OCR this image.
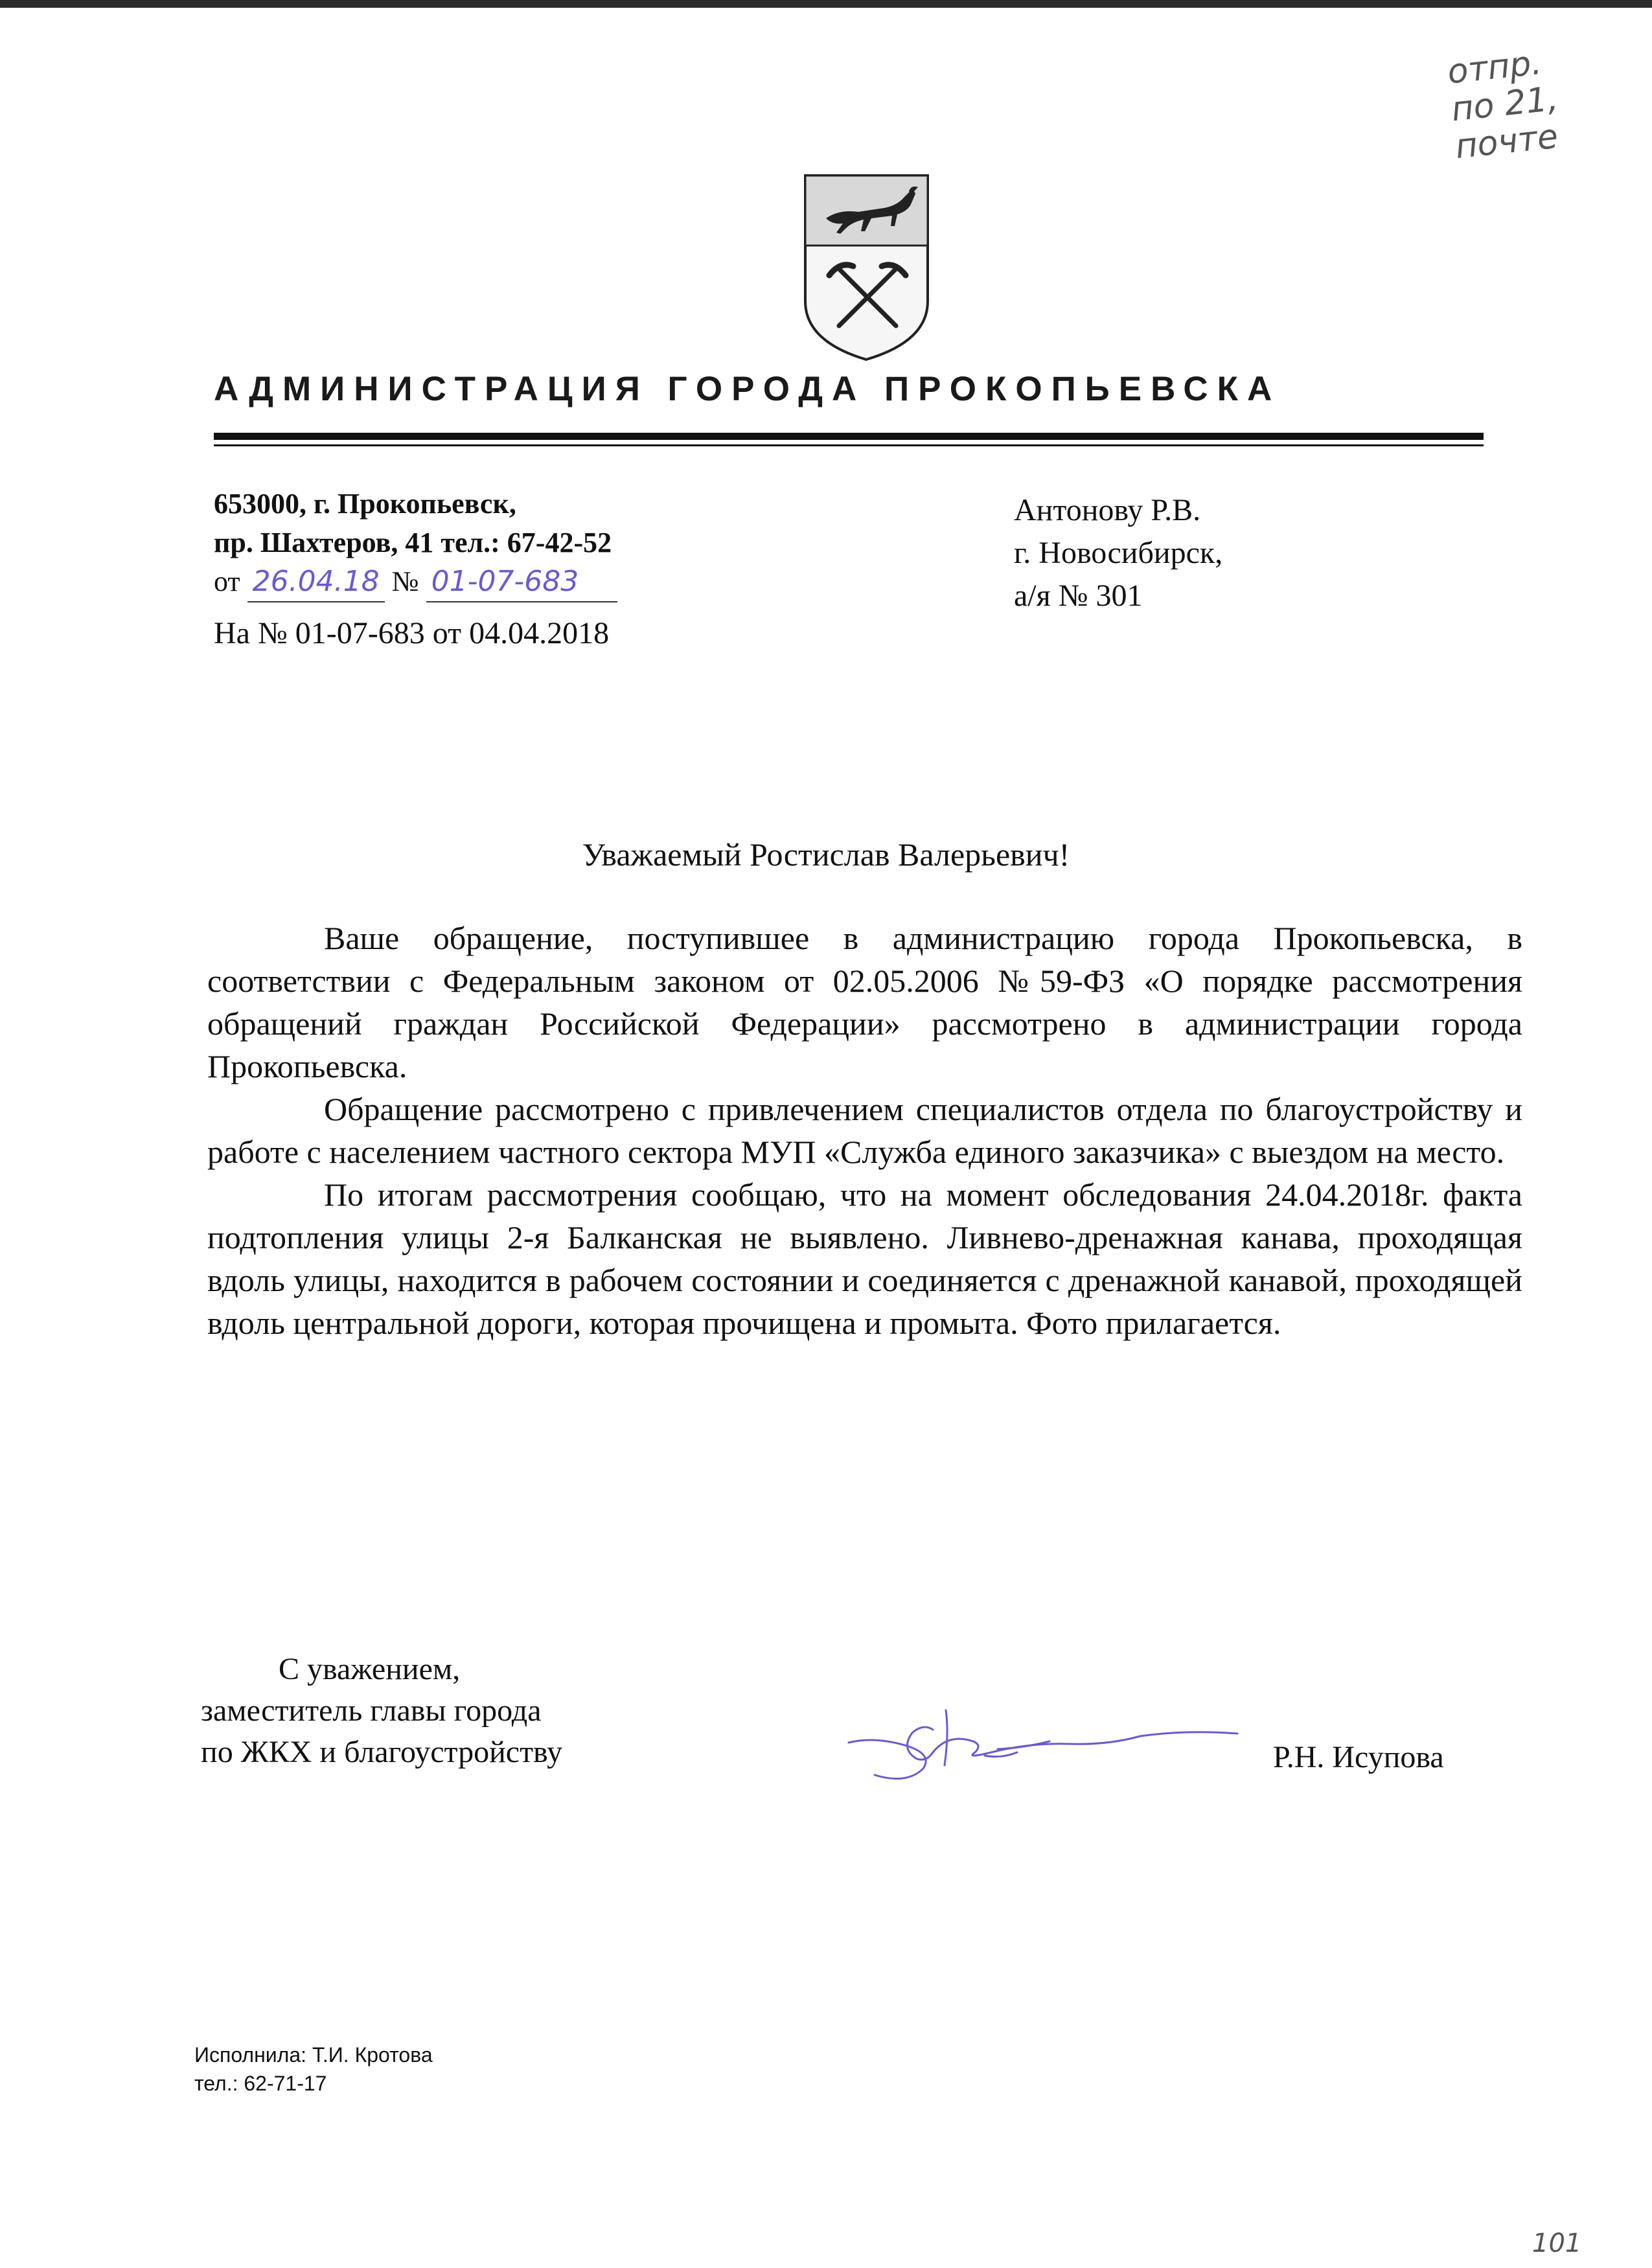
отпр.
по 21,
почте
АДМИНИСТРАЦИЯ ГОРОДА ПРОКОПЬЕВСКА
653000, г. Прокопьевск,
пр. Шахтеров, 41 тел.: 67-42-52
от 26.04.18 № 01-07-683
На № 01-07-683 от 04.04.2018
Антонову Р.В.
г. Новосибирск,
а/я № 301
Уважаемый Ростислав Валерьевич!

Ваше обращение, поступившее в администрацию города Прокопьевска, в соответствии с Федеральным законом от 02.05.2006 №59-ФЗ «О порядке рассмотрения обращений граждан Российской Федерации» рассмотрено в администрации города Прокопьевска.

Обращение рассмотрено с привлечением специалистов отдела по благоустройству и работе с населением частного сектора МУП «Служба единого заказчика» с выездом на место.

По итогам рассмотрения сообщаю, что на момент обследования 24.04.2018г. факта подтопления улицы 2-я Балканская не выявлено. Ливнево-дренажная канава, проходящая вдоль улицы, находится в рабочем состоянии и соединяется с дренажной канавой, проходящей вдоль центральной дороги, которая прочищена и промыта. Фото прилагается.

С уважением,
заместитель главы города
по ЖКХ и благоустройству	Р.Н. Исупова
Исполнила: Т.И. Кротова
тел.: 62-71-17
101
